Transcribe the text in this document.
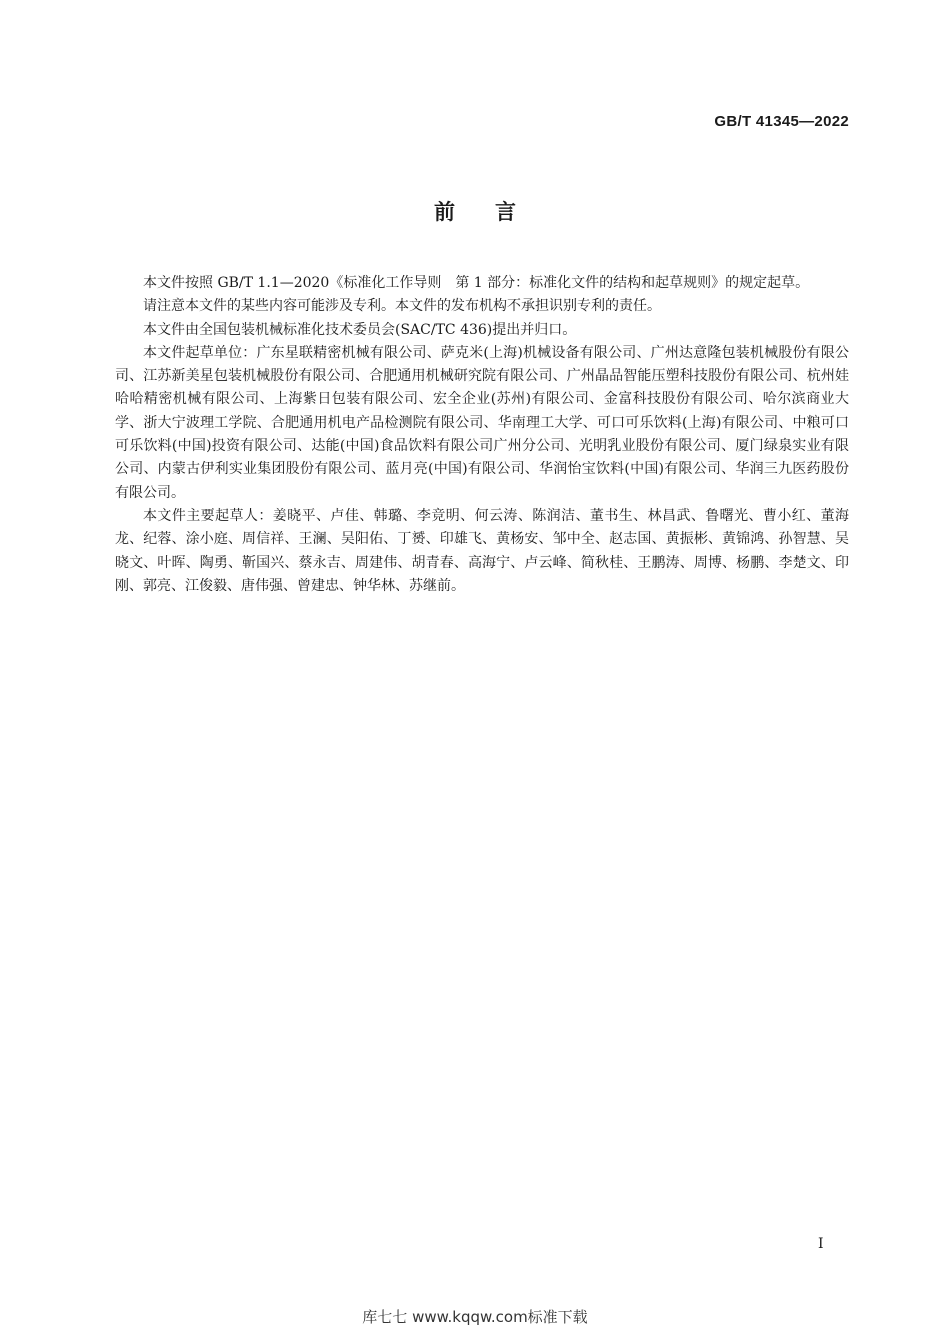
GB/T 41345—2022
前言

本文件按照 GB/T 1.1—2020《标准化工作导则　第 1 部分：标准化文件的结构和起草规则》的规定起草。

请注意本文件的某些内容可能涉及专利。本文件的发布机构不承担识别专利的责任。

本文件由全国包装机械标准化技术委员会(SAC/TC 436)提出并归口。

本文件起草单位：广东星联精密机械有限公司、萨克米(上海)机械设备有限公司、广州达意隆包装机械股份有限公司、江苏新美星包装机械股份有限公司、合肥通用机械研究院有限公司、广州晶品智能压塑科技股份有限公司、杭州娃哈哈精密机械有限公司、上海紫日包装有限公司、宏全企业(苏州)有限公司、金富科技股份有限公司、哈尔滨商业大学、浙大宁波理工学院、合肥通用机电产品检测院有限公司、华南理工大学、可口可乐饮料(上海)有限公司、中粮可口可乐饮料(中国)投资有限公司、达能(中国)食品饮料有限公司广州分公司、光明乳业股份有限公司、厦门绿泉实业有限公司、内蒙古伊利实业集团股份有限公司、蓝月亮(中国)有限公司、华润怡宝饮料(中国)有限公司、华润三九医药股份有限公司。

本文件主要起草人：姜晓平、卢佳、韩璐、李竞明、何云涛、陈润洁、董书生、林昌武、鲁曙光、曹小红、董海龙、纪蓉、涂小庭、周信祥、王澜、吴阳佑、丁赟、印雄飞、黄杨安、邹中全、赵志国、黄振彬、黄锦鸿、孙智慧、吴晓文、叶晖、陶勇、靳国兴、蔡永吉、周建伟、胡青春、高海宁、卢云峰、简秋桂、王鹏涛、周博、杨鹏、李楚文、印刚、郭亮、江俊毅、唐伟强、曾建忠、钟华林、苏继前。

I
库七七 www.kqqw.com标准下载
